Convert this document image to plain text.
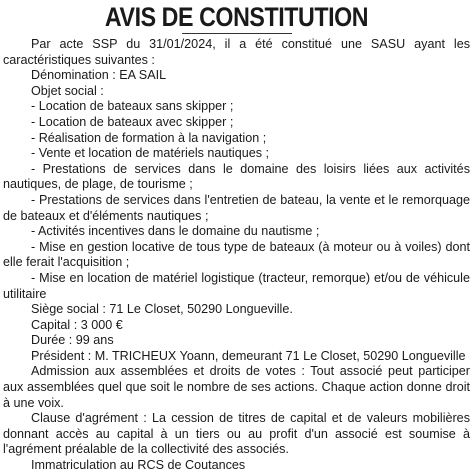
AVIS DE CONSTITUTION

Par acte SSP du 31/01/2024, il a été constitué une SASU ayant les caractéristiques suivantes :

Dénomination : EA SAIL

Objet social :

- Location de bateaux sans skipper ;

- Location de bateaux avec skipper ;

- Réalisation de formation à la navigation ;

- Vente et location de matériels nautiques ;

- Prestations de services dans le domaine des loisirs liées aux activités nautiques, de plage, de tourisme ;

- Prestations de services dans l'entretien de bateau, la vente et le remorquage de bateaux et d'éléments nautiques ;

- Activités incentives dans le domaine du nautisme ;

- Mise en gestion locative de tous type de bateaux (à moteur ou à voiles) dont elle ferait l'acquisition ;

- Mise en location de matériel logistique (tracteur, remorque) et/ou de véhicule utilitaire

Siège social : 71 Le Closet, 50290 Longueville.

Capital : 3 000 €

Durée : 99 ans

Président : M. TRICHEUX Yoann, demeurant 71 Le Closet, 50290 Longueville

Admission aux assemblées et droits de votes : Tout associé peut participer aux assemblées quel que soit le nombre de ses actions. Chaque action donne droit à une voix.

Clause d'agrément : La cession de titres de capital et de valeurs mobilières donnant accès au capital à un tiers ou au profit d'un associé est soumise à l'agrément préalable de la collectivité des associés.

Immatriculation au RCS de Coutances
